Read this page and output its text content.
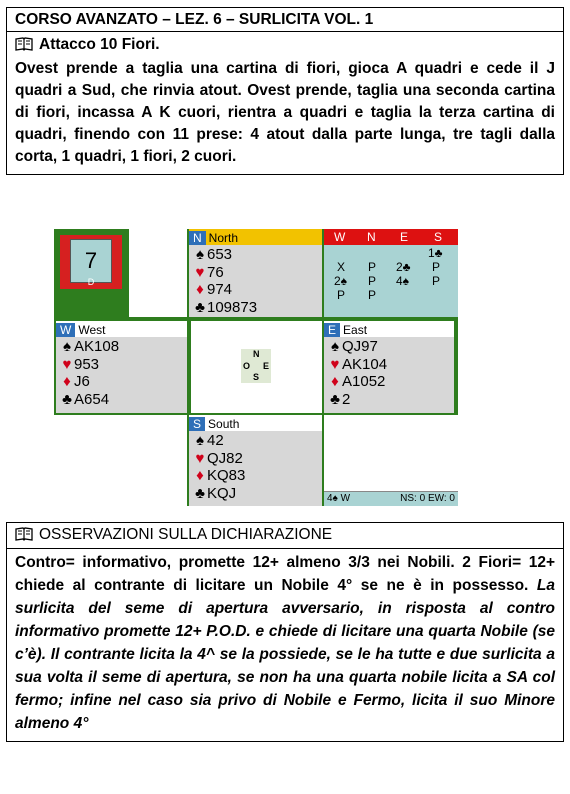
CORSO AVANZATO – LEZ. 6 – SURLICITA VOL. 1

Attacco 10 Fiori.

Ovest prende a taglia una cartina di fiori, gioca A quadri e cede il J quadri a Sud, che rinvia atout. Ovest prende, taglia una seconda cartina di fiori, incassa A K cuori, rientra a quadri e taglia la terza cartina di quadri, finendo con 11 prese: 4 atout dalla parte lunga, tre tagli dalla corta, 1 quadri, 1 fiori, 2 cuori.

7
D
N North
♠ 653
♥ 76
♦ 974
♣ 109873
W N E S
1♣
X P 2♣ P
2♠ P 4♠ P
P P
W West
♠ AK108
♥ 953
♦ J6
♣ A654
N
O E
S
E East
♠ QJ97
♥ AK104
♦ A1052
♣ 2
S South
♠ 42
♥ QJ82
♦ KQ83
♣ KQJ	4♠ W	NS: 0 EW: 0
OSSERVAZIONI SULLA DICHIARAZIONE
Contro= informativo, promette 12+ almeno 3/3 nei Nobili. 2 Fiori= 12+ chiede al contrante di licitare un Nobile 4° se ne è in possesso. La surlicita del seme di apertura avversario, in risposta al contro informativo promette 12+ P.O.D. e chiede di licitare una quarta Nobile (se c’è). Il contrante licita la 4^ se la possiede, se le ha tutte e due surlicita a sua volta il seme di apertura, se non ha una quarta nobile licita a SA col fermo; infine nel caso sia privo di Nobile e Fermo, licita il suo Minore almeno 4°
